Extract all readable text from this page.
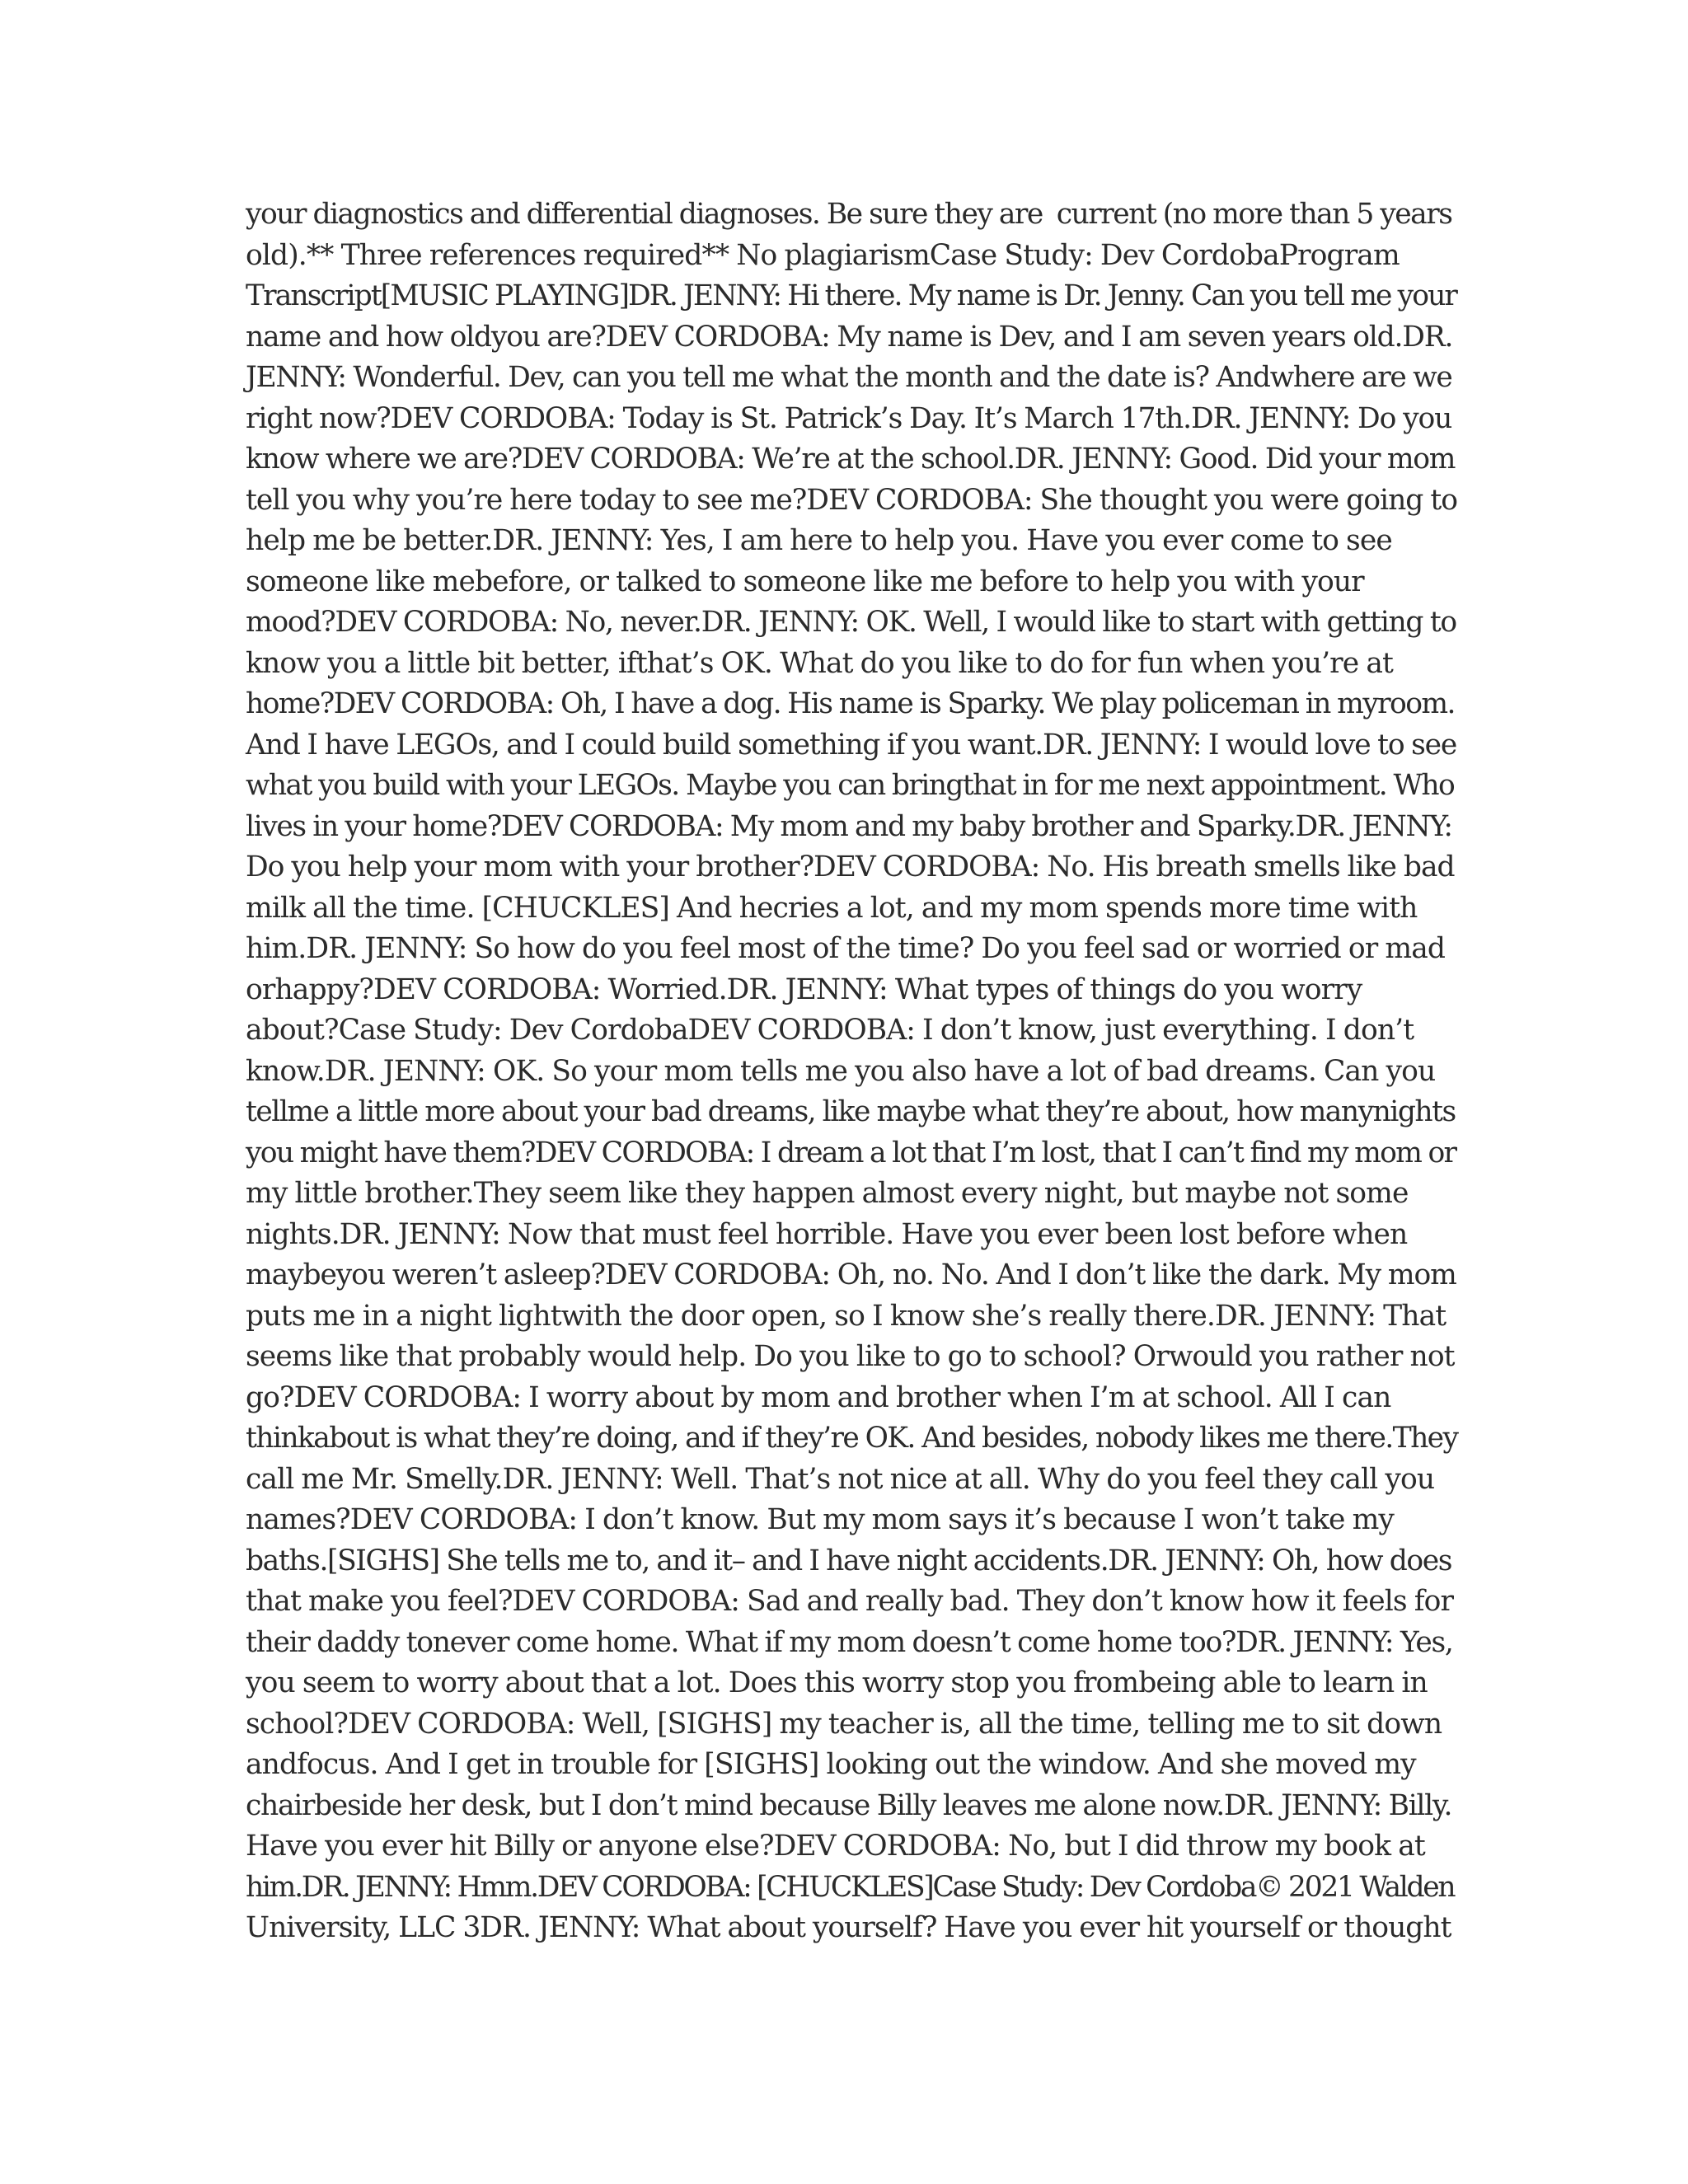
your diagnostics and differential diagnoses. Be sure they are  current (no more than 5 years
old).** Three references required** No plagiarismCase Study: Dev CordobaProgram
Transcript[MUSIC PLAYING]DR. JENNY: Hi there. My name is Dr. Jenny. Can you tell me your
name and how oldyou are?DEV CORDOBA: My name is Dev, and I am seven years old.DR.
JENNY: Wonderful. Dev, can you tell me what the month and the date is? Andwhere are we
right now?DEV CORDOBA: Today is St. Patrick’s Day. It’s March 17th.DR. JENNY: Do you
know where we are?DEV CORDOBA: We’re at the school.DR. JENNY: Good. Did your mom
tell you why you’re here today to see me?DEV CORDOBA: She thought you were going to
help me be better.DR. JENNY: Yes, I am here to help you. Have you ever come to see
someone like mebefore, or talked to someone like me before to help you with your
mood?DEV CORDOBA: No, never.DR. JENNY: OK. Well, I would like to start with getting to
know you a little bit better, ifthat’s OK. What do you like to do for fun when you’re at
home?DEV CORDOBA: Oh, I have a dog. His name is Sparky. We play policeman in myroom.
And I have LEGOs, and I could build something if you want.DR. JENNY: I would love to see
what you build with your LEGOs. Maybe you can bringthat in for me next appointment. Who
lives in your home?DEV CORDOBA: My mom and my baby brother and Sparky.DR. JENNY:
Do you help your mom with your brother?DEV CORDOBA: No. His breath smells like bad
milk all the time. [CHUCKLES] And hecries a lot, and my mom spends more time with
him.DR. JENNY: So how do you feel most of the time? Do you feel sad or worried or mad
orhappy?DEV CORDOBA: Worried.DR. JENNY: What types of things do you worry
about?Case Study: Dev CordobaDEV CORDOBA: I don’t know, just everything. I don’t
know.DR. JENNY: OK. So your mom tells me you also have a lot of bad dreams. Can you
tellme a little more about your bad dreams, like maybe what they’re about, how manynights
you might have them?DEV CORDOBA: I dream a lot that I’m lost, that I can’t find my mom or
my little brother.They seem like they happen almost every night, but maybe not some
nights.DR. JENNY: Now that must feel horrible. Have you ever been lost before when
maybeyou weren’t asleep?DEV CORDOBA: Oh, no. No. And I don’t like the dark. My mom
puts me in a night lightwith the door open, so I know she’s really there.DR. JENNY: That
seems like that probably would help. Do you like to go to school? Orwould you rather not
go?DEV CORDOBA: I worry about by mom and brother when I’m at school. All I can
thinkabout is what they’re doing, and if they’re OK. And besides, nobody likes me there.They
call me Mr. Smelly.DR. JENNY: Well. That’s not nice at all. Why do you feel they call you
names?DEV CORDOBA: I don’t know. But my mom says it’s because I won’t take my
baths.[SIGHS] She tells me to, and it– and I have night accidents.DR. JENNY: Oh, how does
that make you feel?DEV CORDOBA: Sad and really bad. They don’t know how it feels for
their daddy tonever come home. What if my mom doesn’t come home too?DR. JENNY: Yes,
you seem to worry about that a lot. Does this worry stop you frombeing able to learn in
school?DEV CORDOBA: Well, [SIGHS] my teacher is, all the time, telling me to sit down
andfocus. And I get in trouble for [SIGHS] looking out the window. And she moved my
chairbeside her desk, but I don’t mind because Billy leaves me alone now.DR. JENNY: Billy.
Have you ever hit Billy or anyone else?DEV CORDOBA: No, but I did throw my book at
him.DR. JENNY: Hmm.DEV CORDOBA: [CHUCKLES]Case Study: Dev Cordoba© 2021 Walden
University, LLC 3DR. JENNY: What about yourself? Have you ever hit yourself or thought
